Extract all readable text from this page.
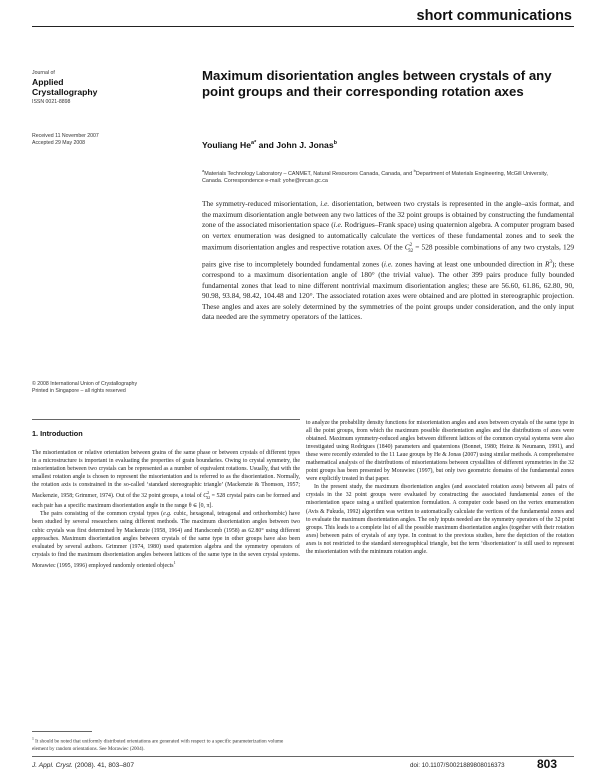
short communications
Journal of
Applied
Crystallography
ISSN 0021-8898
Received 11 November 2007
Accepted 29 May 2008
© 2008 International Union of Crystallography
Printed in Singapore – all rights reserved
Maximum disorientation angles between crystals of any point groups and their corresponding rotation axes
Youliang $He^{a*}$ and John J. Jonas$^b$
$^a$Materials Technology Laboratory – CANMET, Natural Resources Canada, Canada, and $^b$Department of Materials Engineering, McGill University, Canada. Correspondence e-mail: yohe@nrcan.gc.ca
The symmetry-reduced misorientation, i.e. disorientation, between two crystals is represented in the angle–axis format, and the maximum disorientation angle between any two lattices of the 32 point groups is obtained by constructing the fundamental zone of the associated misorientation space (i.e. Rodrigues–Frank space) using quaternion algebra. A computer program based on vertex enumeration was designed to automatically calculate the vertices of these fundamental zones and to seek the maximum disorientation angles and respective rotation axes. Of the $C^2_{32} = 528$ possible combinations of any two crystals, 129 pairs give rise to incompletely bounded fundamental zones (i.e. zones having at least one unbounded direction in $R^3$); these correspond to a maximum disorientation angle of 180° (the trivial value). The other 399 pairs produce fully bounded fundamental zones that lead to nine different nontrivial maximum disorientation angles; these are 56.60, 61.86, 62.80, 90, 90.98, 93.84, 98.42, 104.48 and 120°. The associated rotation axes were obtained and are plotted in stereographic projection. These angles and axes are solely determined by the symmetries of the point groups under consideration, and the only input data needed are the symmetry operators of the lattices.
1. Introduction

The misorientation or relative orientation between grains of the same phase or between crystals of different types in a microstructure is important in evaluating the properties of grain boundaries. Owing to crystal symmetry, the misorientation between two crystals can be represented as a number of equivalent rotations. Usually, that with the smallest rotation angle is chosen to represent the misorientation and is referred to as the disorientation. Normally, the rotation axis is constrained in the so-called ‘standard stereographic triangle’ (Mackenzie & Thomson, 1957; Mackenzie, 1958; Grimmer, 1974). Out of the 32 point groups, a total of $C^2_{32} = 528$ crystal pairs can be formed and each pair has a specific maximum disorientation angle in the range θ ∈ [0, π].

The pairs consisting of the common crystal types (e.g. cubic, hexagonal, tetragonal and orthorhombic) have been studied by several researchers using different methods. The maximum disorientation angles between two cubic crystals was first determined by Mackenzie (1958, 1964) and Handscomb (1958) as 62.80° using different approaches. Maximum disorientation angles between crystals of the same type in other groups have also been evaluated by several authors. Grimmer (1974, 1980) used quaternion algebra and the symmetry operators of crystals to find the maximum disorientation angles between lattices of the same type in the seven crystal systems. Morawiec (1995, 1996) employed randomly oriented objects$^1$

$^1$ It should be noted that uniformly distributed orientations are generated with respect to a specific parameterization volume element by random orientations. See Morawiec (2004).

to analyze the probability density functions for misorientation angles and axes between crystals of the same type in all the point groups, from which the maximum possible disorientation angles and the distributions of axes were obtained. Maximum symmetry-reduced angles between different lattices of the common crystal systems were also investigated using Rodrigues (1840) parameters and quaternions (Bonnet, 1980; Heinz & Neumann, 1991), and these were recently extended to the 11 Laue groups by He & Jonas (2007) using similar methods. A comprehensive mathematical analysis of the distributions of misorientations between crystallites of different symmetries in the 32 point groups has been presented by Morawiec (1997), but only two geometric domains of the fundamental zones were explicitly treated in that paper.

In the present study, the maximum disorientation angles (and associated rotation axes) between all pairs of crystals in the 32 point groups were evaluated by constructing the associated fundamental zones of the misorientation space using a unified quaternion formulation. A computer code based on the vertex enumeration (Avis & Fukuda, 1992) algorithm was written to automatically calculate the vertices of the fundamental zones and to evaluate the maximum disorientation angles. The only inputs needed are the symmetry operators of the 32 point groups. This leads to a complete list of all the possible maximum disorientation angles (together with their rotation axes) between pairs of crystals of any type. In contrast to the previous studies, here the depiction of the rotation axes is not restricted to the standard stereographical triangle, but the term ‘disorientation’ is still used to represent the misorientation with the minimum rotation angle.

J. Appl. Cryst. (2008). 41, 803–807	doi: 10.1107/S0021889808016373	803
